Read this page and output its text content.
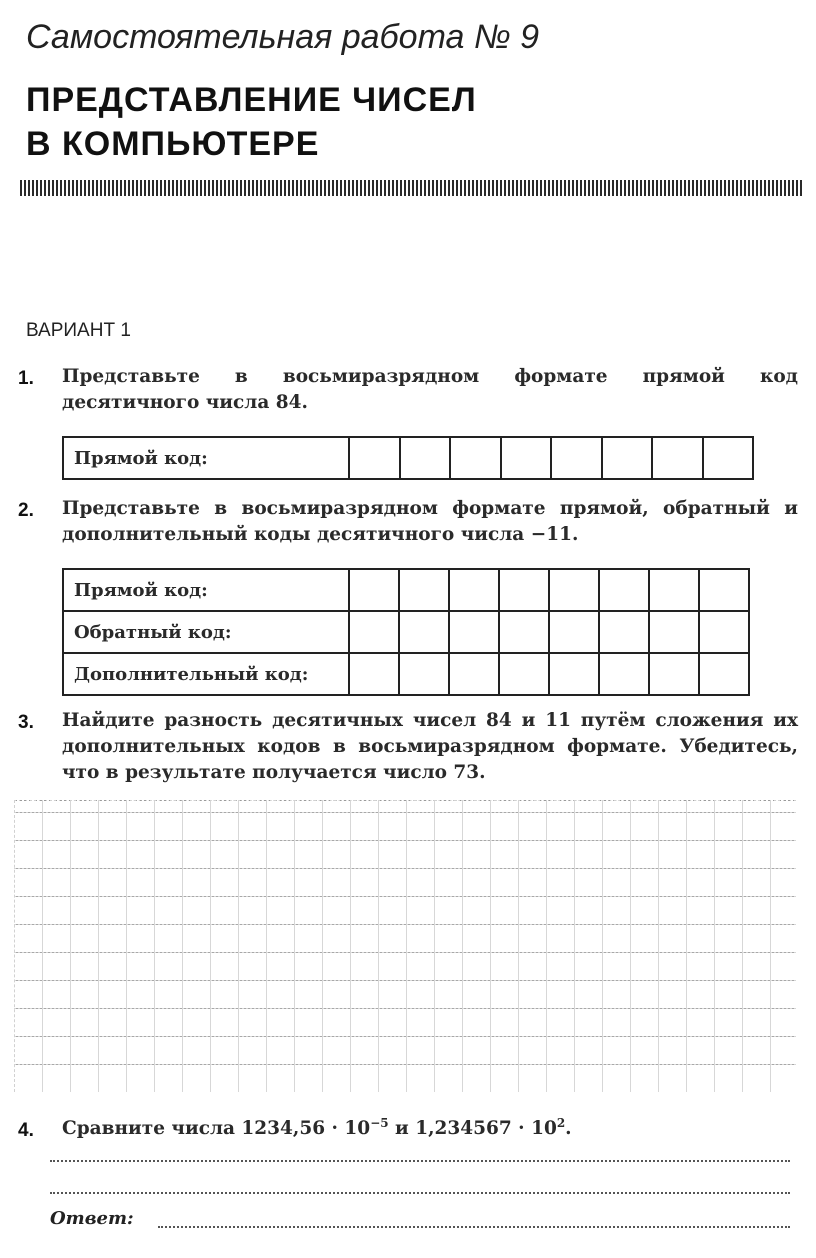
Самостоятельная работа № 9
ПРЕДСТАВЛЕНИЕ ЧИСЕЛ
В КОМПЬЮТЕРЕ
ВАРИАНТ 1
1. Представьте в восьмиразрядном формате прямой код десятичного числа 84.
Прямой код:								
2. Представьте в восьмиразрядном формате прямой, обратный и дополнительный коды десятичного числа −11.
Прямой код:								
Обратный код:								
Дополнительный код:								
3. Найдите разность десятичных чисел 84 и 11 путём сложения их дополнительных кодов в восьмиразрядном формате. Убедитесь, что в результате получается число 73.
4. Сравните числа $1234,56 \cdot 10^{-5}$ и $1,234567 \cdot 10^2$.
Ответ:
